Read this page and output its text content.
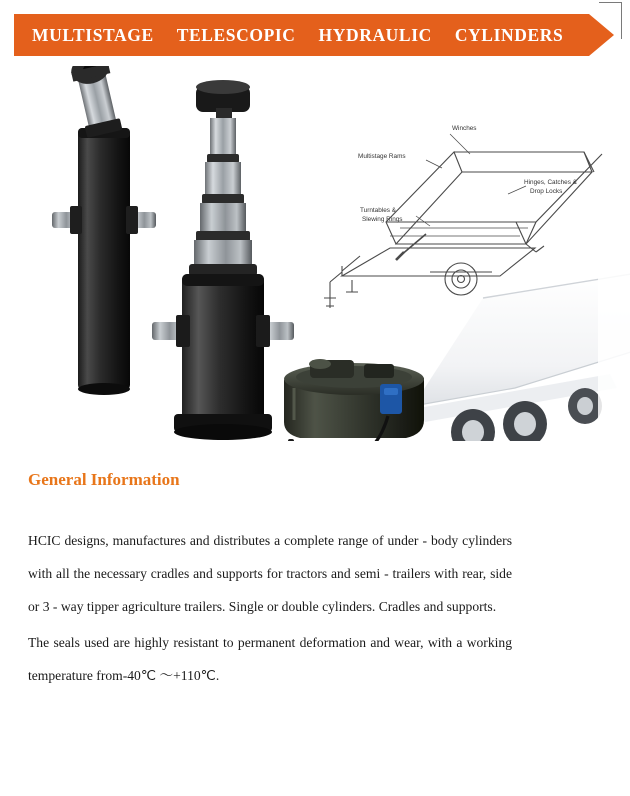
MULTISTAGE TELESCOPIC HYDRAULIC CYLINDERS
Winches
Multistage Rams
Hinges, Catches &
Drop Locks
Turntables &
Slewing Rings
General Information

HCIC designs, manufactures and distributes a complete range of under - body cylinders with all the necessary cradles and supports for tractors and semi - trailers with rear, side or 3 - way tipper agriculture trailers. Single or double cylinders. Cradles and supports.

The seals used are highly resistant to permanent deformation and wear, with a working temperature from-40℃ ～+110℃.
